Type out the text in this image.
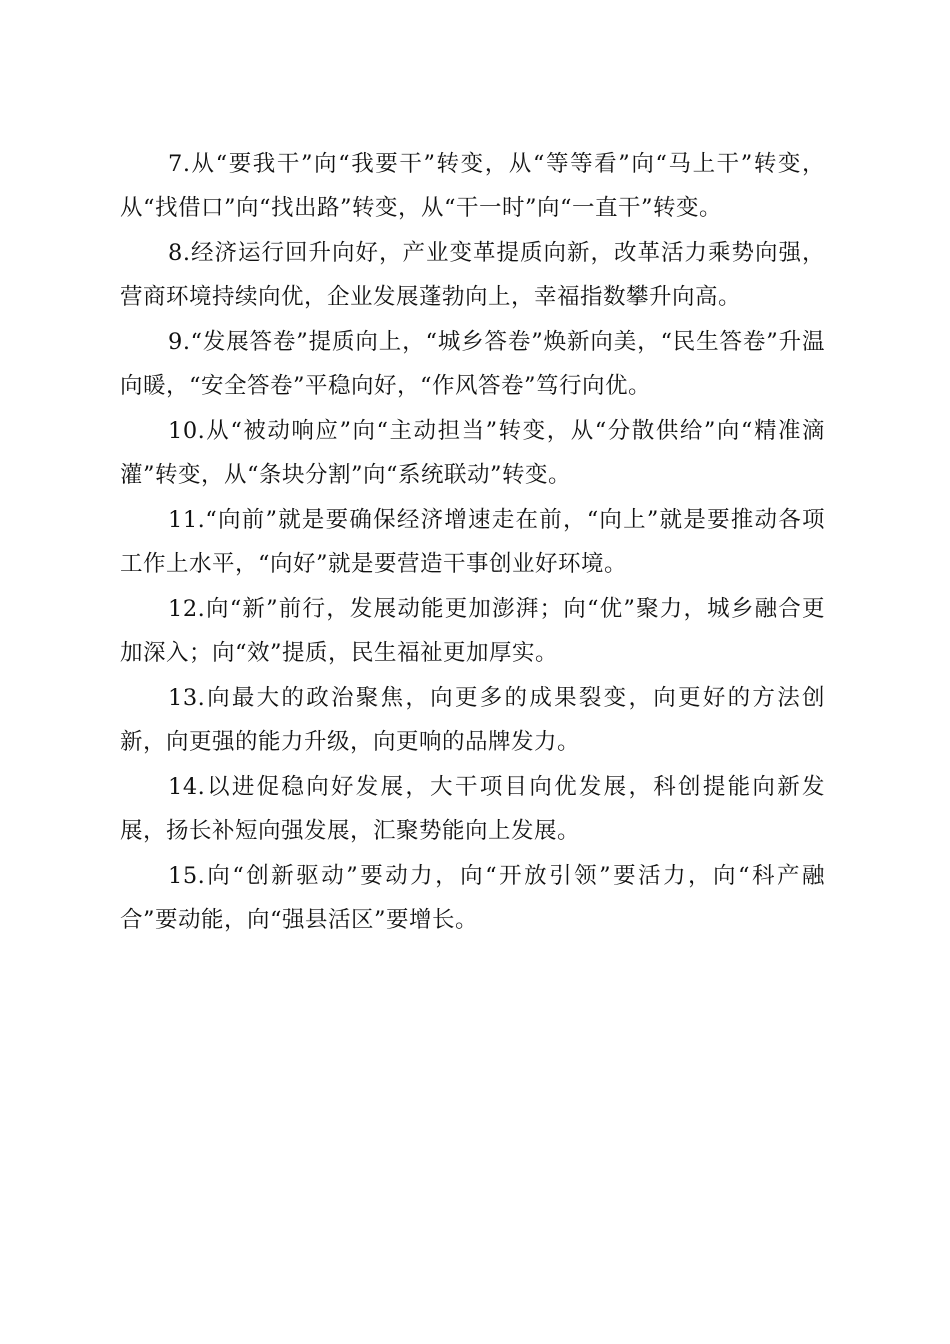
7.从“要我干”向“我要干”转变，从“等等看”向“马上干”转变，从“找借口”向“找出路”转变，从“干一时”向“一直干”转变。

8.经济运行回升向好，产业变革提质向新，改革活力乘势向强，营商环境持续向优，企业发展蓬勃向上，幸福指数攀升向高。

9.“发展答卷”提质向上，“城乡答卷”焕新向美，“民生答卷”升温向暖，“安全答卷”平稳向好，“作风答卷”笃行向优。

10.从“被动响应”向“主动担当”转变，从“分散供给”向“精准滴灌”转变，从“条块分割”向“系统联动”转变。

11.“向前”就是要确保经济增速走在前，“向上”就是要推动各项工作上水平，“向好”就是要营造干事创业好环境。

12.向“新”前行，发展动能更加澎湃；向“优”聚力，城乡融合更加深入；向“效”提质，民生福祉更加厚实。

13.向最大的政治聚焦，向更多的成果裂变，向更好的方法创新，向更强的能力升级，向更响的品牌发力。

14.以进促稳向好发展，大干项目向优发展，科创提能向新发展，扬长补短向强发展，汇聚势能向上发展。

15.向“创新驱动”要动力，向“开放引领”要活力，向“科产融合”要动能，向“强县活区”要增长。
